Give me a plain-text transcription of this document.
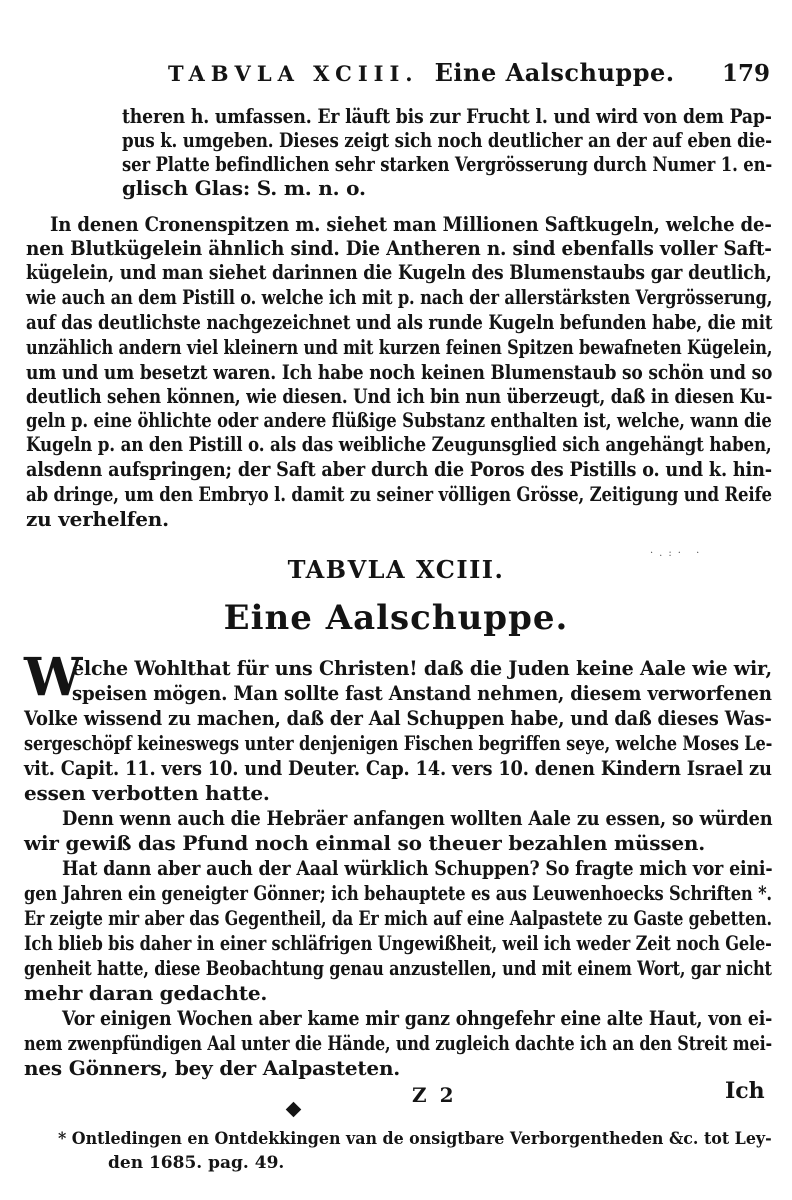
TABVLA XCIII. Eine Aalschuppe. 179
theren h. umfassen. Er läuft bis zur Frucht l. und wird von dem Pap-
pus k. umgeben. Dieses zeigt sich noch deutlicher an der auf eben die-
ser Platte befindlichen sehr starken Vergrösserung durch Numer 1. en-
glisch Glas: S. m. n. o.
In denen Cronenspitzen m. siehet man Millionen Saftkugeln, welche de-
nen Blutkügelein ähnlich sind. Die Antheren n. sind ebenfalls voller Saft-
kügelein, und man siehet darinnen die Kugeln des Blumenstaubs gar deutlich,
wie auch an dem Pistill o. welche ich mit p. nach der allerstärksten Vergrösserung,
auf das deutlichste nachgezeichnet und als runde Kugeln befunden habe, die mit
unzählich andern viel kleinern und mit kurzen feinen Spitzen bewafneten Kügelein,
um und um besetzt waren. Ich habe noch keinen Blumenstaub so schön und so
deutlich sehen können, wie diesen. Und ich bin nun überzeugt, daß in diesen Ku-
geln p. eine öhlichte oder andere flüßige Substanz enthalten ist, welche, wann die
Kugeln p. an den Pistill o. als das weibliche Zeugunsglied sich angehängt haben,
alsdenn aufspringen; der Saft aber durch die Poros des Pistills o. und k. hin-
ab dringe, um den Embryo l. damit zu seiner völligen Grösse, Zeitigung und Reife
zu verhelfen.
·.:· ·
TABVLA XCIII.
Eine Aalschuppe.
W
elche Wohlthat für uns Christen! daß die Juden keine Aale wie wir,
speisen mögen. Man sollte fast Anstand nehmen, diesem verworfenen
Volke wissend zu machen, daß der Aal Schuppen habe, und daß dieses Was-
sergeschöpf keineswegs unter denjenigen Fischen begriffen seye, welche Moses Le-
vit. Capit. 11. vers 10. und Deuter. Cap. 14. vers 10. denen Kindern Israel zu
essen verbotten hatte.
Denn wenn auch die Hebräer anfangen wollten Aale zu essen, so würden
wir gewiß das Pfund noch einmal so theuer bezahlen müssen.
Hat dann aber auch der Aaal würklich Schuppen? So fragte mich vor eini-
gen Jahren ein geneigter Gönner; ich behauptete es aus Leuwenhoecks Schriften *.
Er zeigte mir aber das Gegentheil, da Er mich auf eine Aalpastete zu Gaste gebetten.
Ich blieb bis daher in einer schläfrigen Ungewißheit, weil ich weder Zeit noch Gele-
genheit hatte, diese Beobachtung genau anzustellen, und mit einem Wort, gar nicht
mehr daran gedachte.
Vor einigen Wochen aber kame mir ganz ohngefehr eine alte Haut, von ei-
nem zwenpfündigen Aal unter die Hände, und zugleich dachte ich an den Streit mei-
nes Gönners, bey der Aalpasteten.
Z 2	Ich
* Ontledingen en Ontdekkingen van de onsigtbare Verborgentheden &c. tot Ley-
den 1685. pag. 49.
